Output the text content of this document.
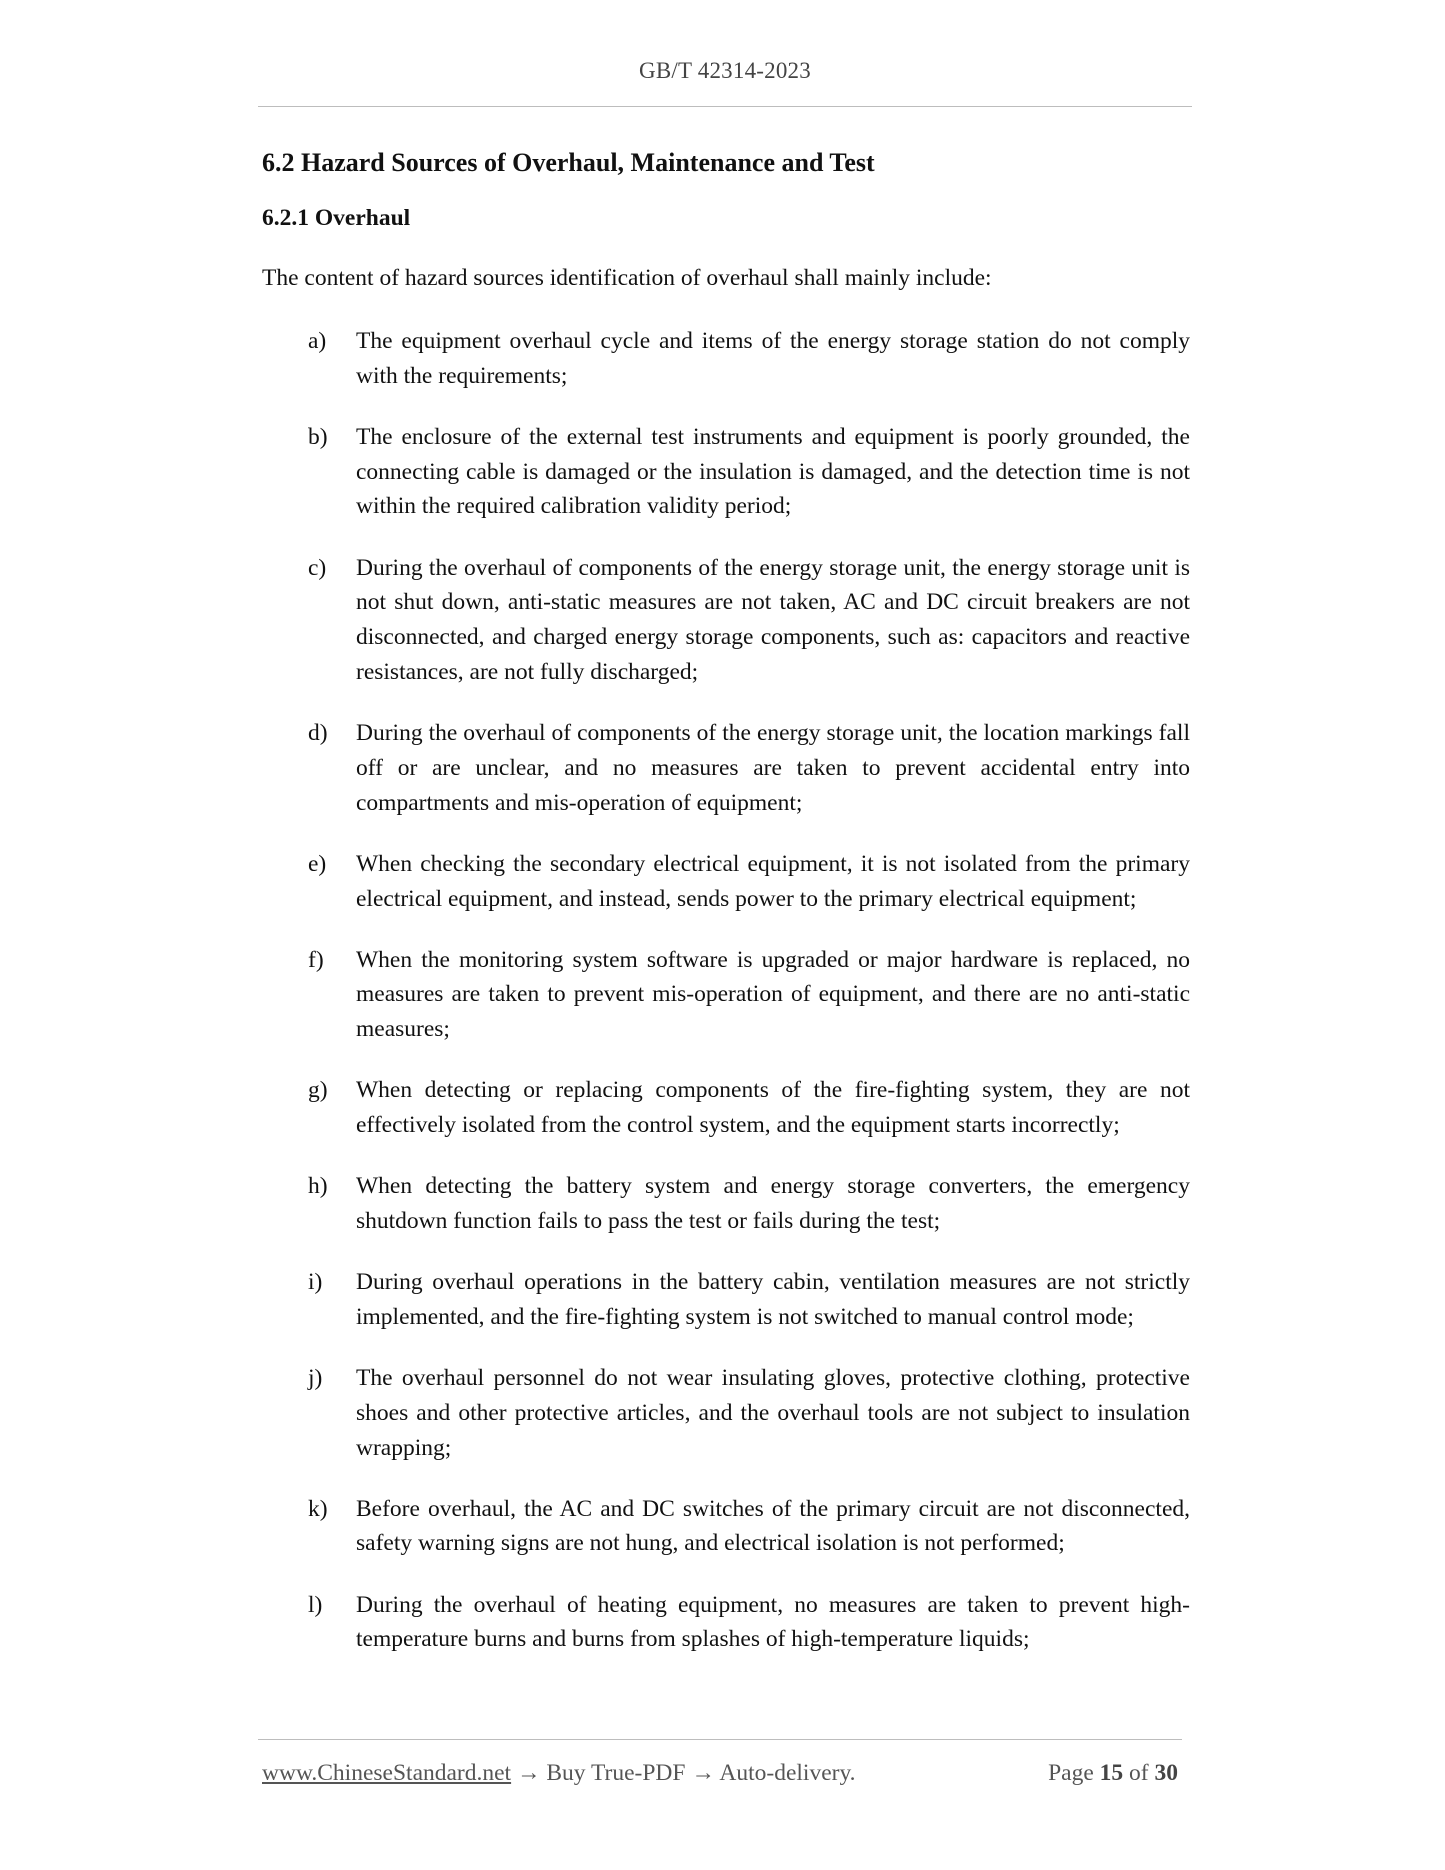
GB/T 42314-2023
6.2 Hazard Sources of Overhaul, Maintenance and Test
6.2.1 Overhaul

The content of hazard sources identification of overhaul shall mainly include:

a) The equipment overhaul cycle and items of the energy storage station do not comply with the requirements;
b) The enclosure of the external test instruments and equipment is poorly grounded, the connecting cable is damaged or the insulation is damaged, and the detection time is not within the required calibration validity period;
c) During the overhaul of components of the energy storage unit, the energy storage unit is not shut down, anti-static measures are not taken, AC and DC circuit breakers are not disconnected, and charged energy storage components, such as: capacitors and reactive resistances, are not fully discharged;
d) During the overhaul of components of the energy storage unit, the location markings fall off or are unclear, and no measures are taken to prevent accidental entry into compartments and mis-operation of equipment;
e) When checking the secondary electrical equipment, it is not isolated from the primary electrical equipment, and instead, sends power to the primary electrical equipment;
f) When the monitoring system software is upgraded or major hardware is replaced, no measures are taken to prevent mis-operation of equipment, and there are no anti-static measures;
g) When detecting or replacing components of the fire-fighting system, they are not effectively isolated from the control system, and the equipment starts incorrectly;
h) When detecting the battery system and energy storage converters, the emergency shutdown function fails to pass the test or fails during the test;
i) During overhaul operations in the battery cabin, ventilation measures are not strictly implemented, and the fire-fighting system is not switched to manual control mode;
j) The overhaul personnel do not wear insulating gloves, protective clothing, protective shoes and other protective articles, and the overhaul tools are not subject to insulation wrapping;
k) Before overhaul, the AC and DC switches of the primary circuit are not disconnected, safety warning signs are not hung, and electrical isolation is not performed;
l) During the overhaul of heating equipment, no measures are taken to prevent high-temperature burns and burns from splashes of high-temperature liquids;
www.ChineseStandard.net → Buy True-PDF → Auto-delivery.	Page 15 of 30
